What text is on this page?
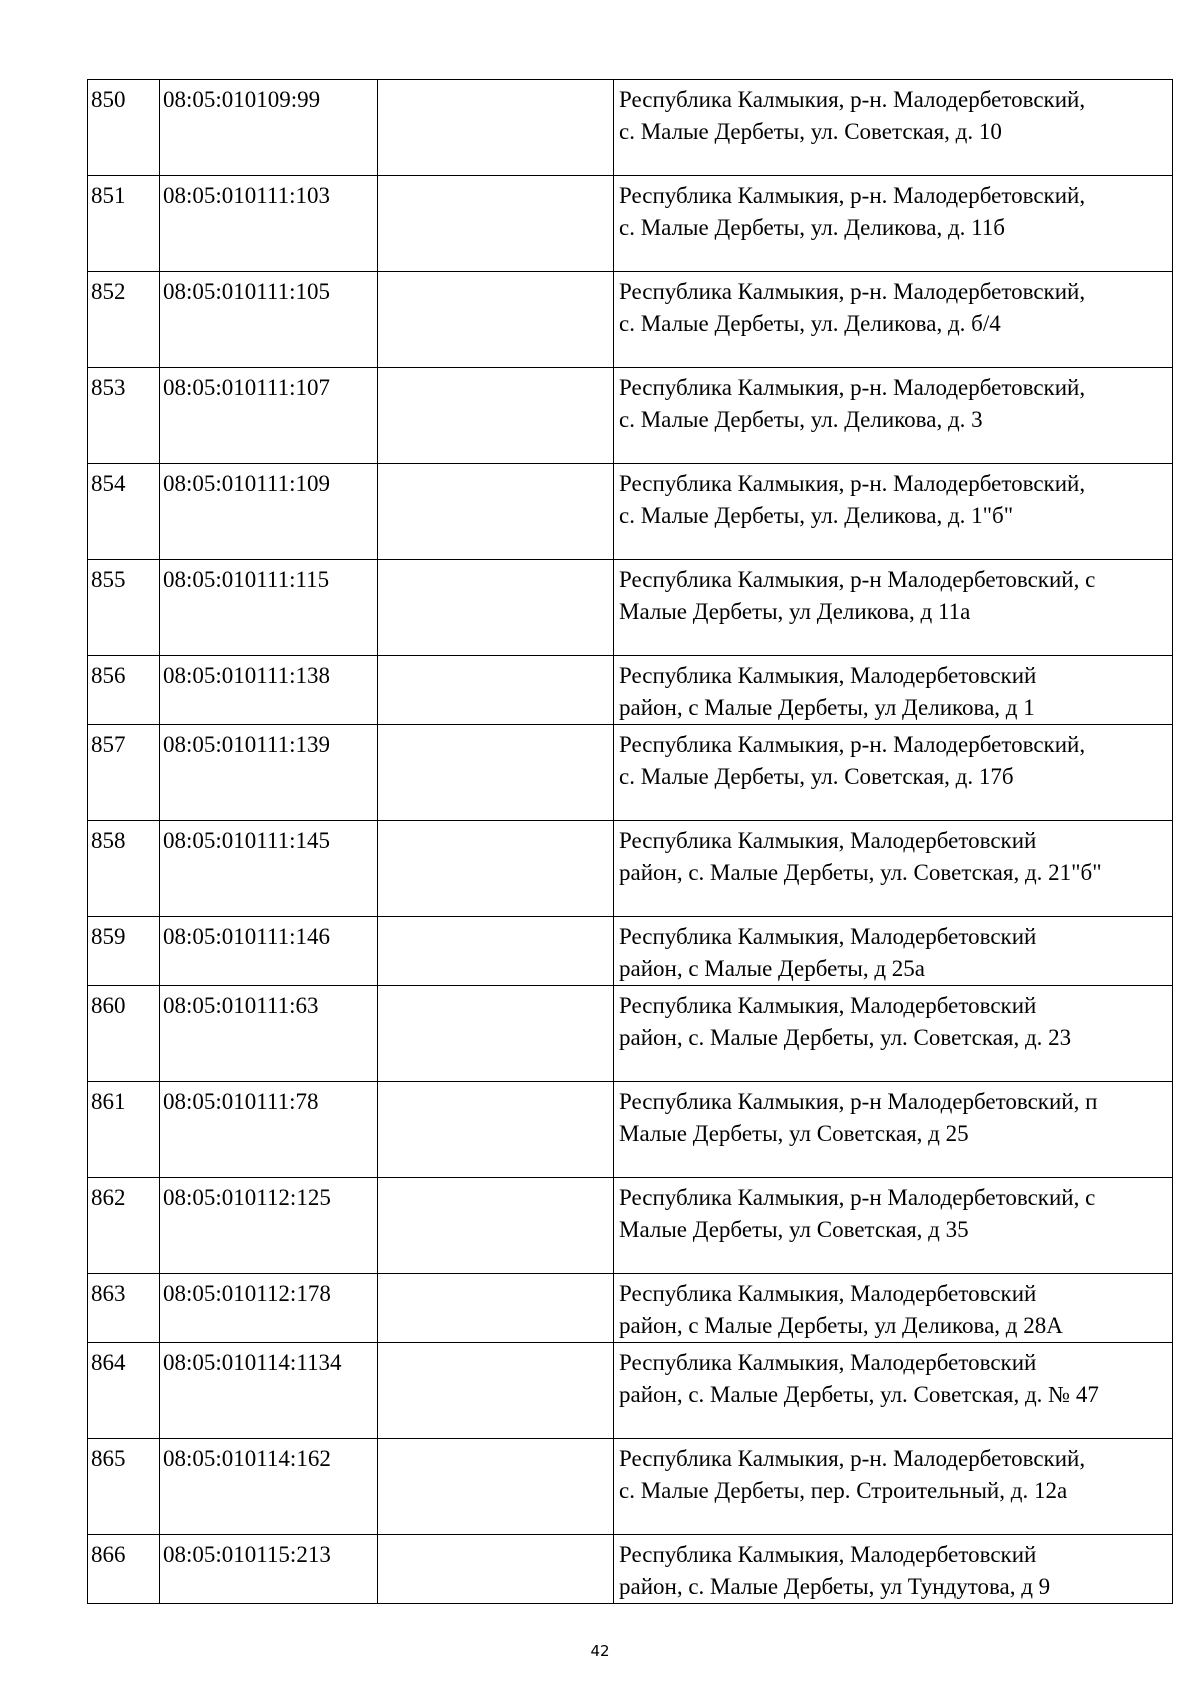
850	08:05:010109:99		Республика Калмыкия, р-н. Малодербетовский,
с. Малые Дербеты, ул. Советская, д. 10
851	08:05:010111:103		Республика Калмыкия, р-н. Малодербетовский,
с. Малые Дербеты, ул. Деликова, д. 11б
852	08:05:010111:105		Республика Калмыкия, р-н. Малодербетовский,
с. Малые Дербеты, ул. Деликова, д. б/4
853	08:05:010111:107		Республика Калмыкия, р-н. Малодербетовский,
с. Малые Дербеты, ул. Деликова, д. 3
854	08:05:010111:109		Республика Калмыкия, р-н. Малодербетовский,
с. Малые Дербеты, ул. Деликова, д. 1"б"
855	08:05:010111:115		Республика Калмыкия, р-н Малодербетовский, с
Малые Дербеты, ул Деликова, д 11а
856	08:05:010111:138		Республика Калмыкия, Малодербетовский
район, с Малые Дербеты, ул Деликова, д 1
857	08:05:010111:139		Республика Калмыкия, р-н. Малодербетовский,
с. Малые Дербеты, ул. Советская, д. 17б
858	08:05:010111:145		Республика Калмыкия, Малодербетовский
район, с. Малые Дербеты, ул. Советская, д. 21"б"
859	08:05:010111:146		Республика Калмыкия, Малодербетовский
район, с Малые Дербеты, д 25а
860	08:05:010111:63		Республика Калмыкия, Малодербетовский
район, с. Малые Дербеты, ул. Советская, д. 23
861	08:05:010111:78		Республика Калмыкия, р-н Малодербетовский, п
Малые Дербеты, ул Советская, д 25
862	08:05:010112:125		Республика Калмыкия, р-н Малодербетовский, с
Малые Дербеты, ул Советская, д 35
863	08:05:010112:178		Республика Калмыкия, Малодербетовский
район, с Малые Дербеты, ул Деликова, д 28А
864	08:05:010114:1134		Республика Калмыкия, Малодербетовский
район, с. Малые Дербеты, ул. Советская, д. № 47
865	08:05:010114:162		Республика Калмыкия, р-н. Малодербетовский,
с. Малые Дербеты, пер. Строительный, д. 12а
866	08:05:010115:213		Республика Калмыкия, Малодербетовский
район, с. Малые Дербеты, ул Тундутова, д 9
42
